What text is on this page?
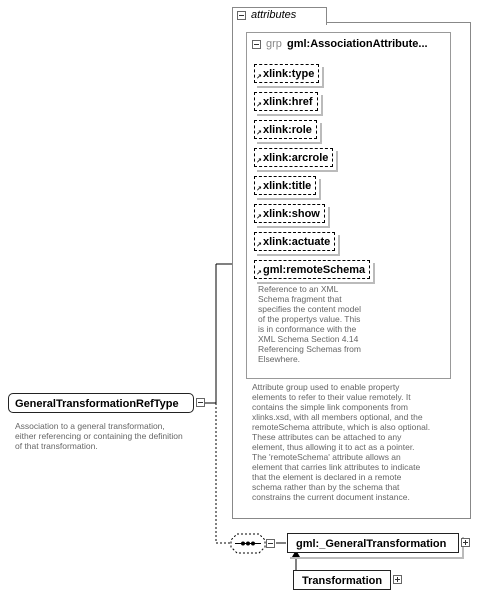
attributes
grp gml:AssociationAttribute...
xlink:type
↗
xlink:href
↗
xlink:role
↗
xlink:arcrole
↗
xlink:title
↗
xlink:show
↗
xlink:actuate
↗
gml:remoteSchema
↗
Reference to an XML
Schema fragment that
specifies the content model
of the propertys value. This
is in conformance with the
XML Schema Section 4.14
Referencing Schemas from
Elsewhere.
Attribute group used to enable property
elements to refer to their value remotely. It
contains the simple link components from
xlinks.xsd, with all members optional, and the
remoteSchema attribute, which is also optional.
These attributes can be attached to any
element, thus allowing it to act as a pointer.
The 'remoteSchema' attribute allows an
element that carries link attributes to indicate
that the element is declared in a remote
schema rather than by the schema that
constrains the current document instance.
GeneralTransformationRefType
Association to a general transformation,
either referencing or containing the definition
of that transformation.
gml:_GeneralTransformation
Transformation
